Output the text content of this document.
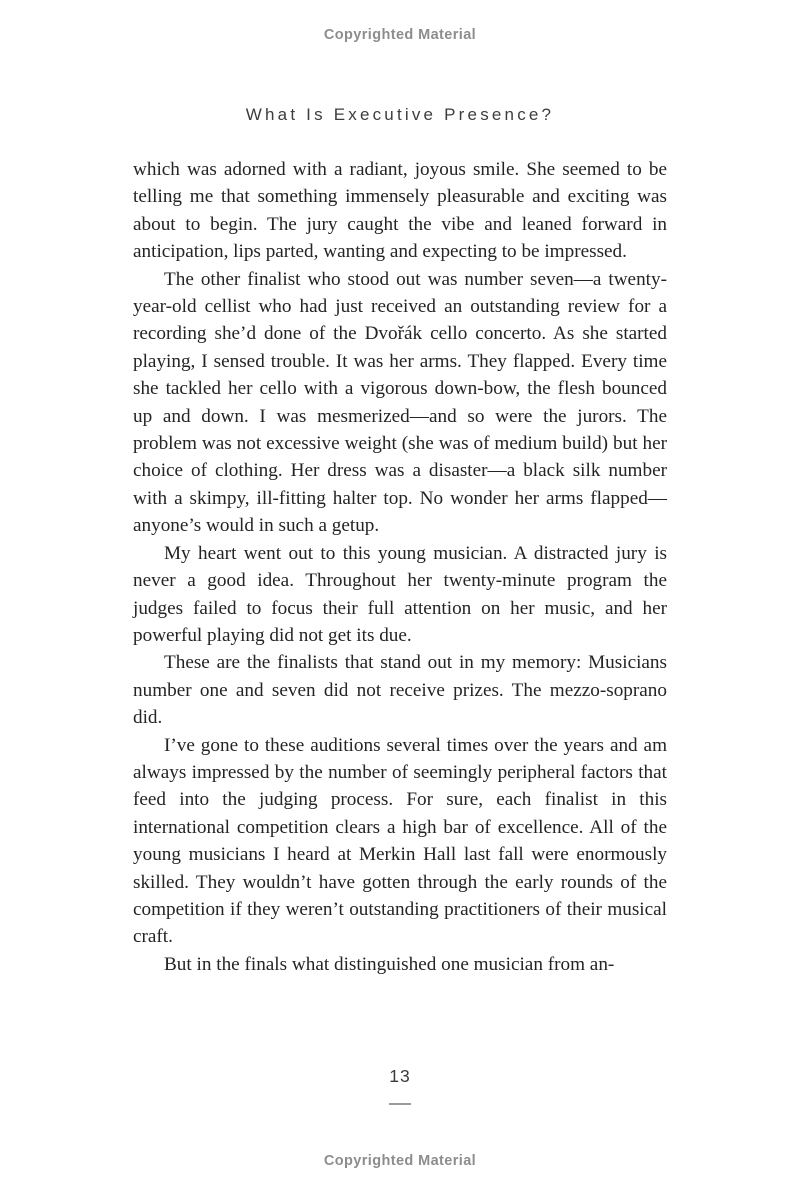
Copyrighted Material
What Is Executive Presence?

which was adorned with a radiant, joyous smile. She seemed to be telling me that something immensely pleasurable and exciting was about to begin. The jury caught the vibe and leaned forward in anticipation, lips parted, wanting and expecting to be impressed.

The other finalist who stood out was number seven—a twenty-year-old cellist who had just received an outstanding review for a recording she’d done of the Dvořák cello concerto. As she started playing, I sensed trouble. It was her arms. They flapped. Every time she tackled her cello with a vigorous down-bow, the flesh bounced up and down. I was mesmerized—and so were the jurors. The problem was not excessive weight (she was of medium build) but her choice of clothing. Her dress was a disaster—a black silk number with a skimpy, ill-fitting halter top. No wonder her arms flapped—anyone’s would in such a getup.

My heart went out to this young musician. A distracted jury is never a good idea. Throughout her twenty-minute program the judges failed to focus their full attention on her music, and her powerful playing did not get its due.

These are the finalists that stand out in my memory: Musicians number one and seven did not receive prizes. The mezzo-soprano did.

I’ve gone to these auditions several times over the years and am always impressed by the number of seemingly peripheral factors that feed into the judging process. For sure, each finalist in this international competition clears a high bar of excellence. All of the young musicians I heard at Merkin Hall last fall were enormously skilled. They wouldn’t have gotten through the early rounds of the competition if they weren’t outstanding practitioners of their musical craft.

But in the finals what distinguished one musician from an-

13
Copyrighted Material
